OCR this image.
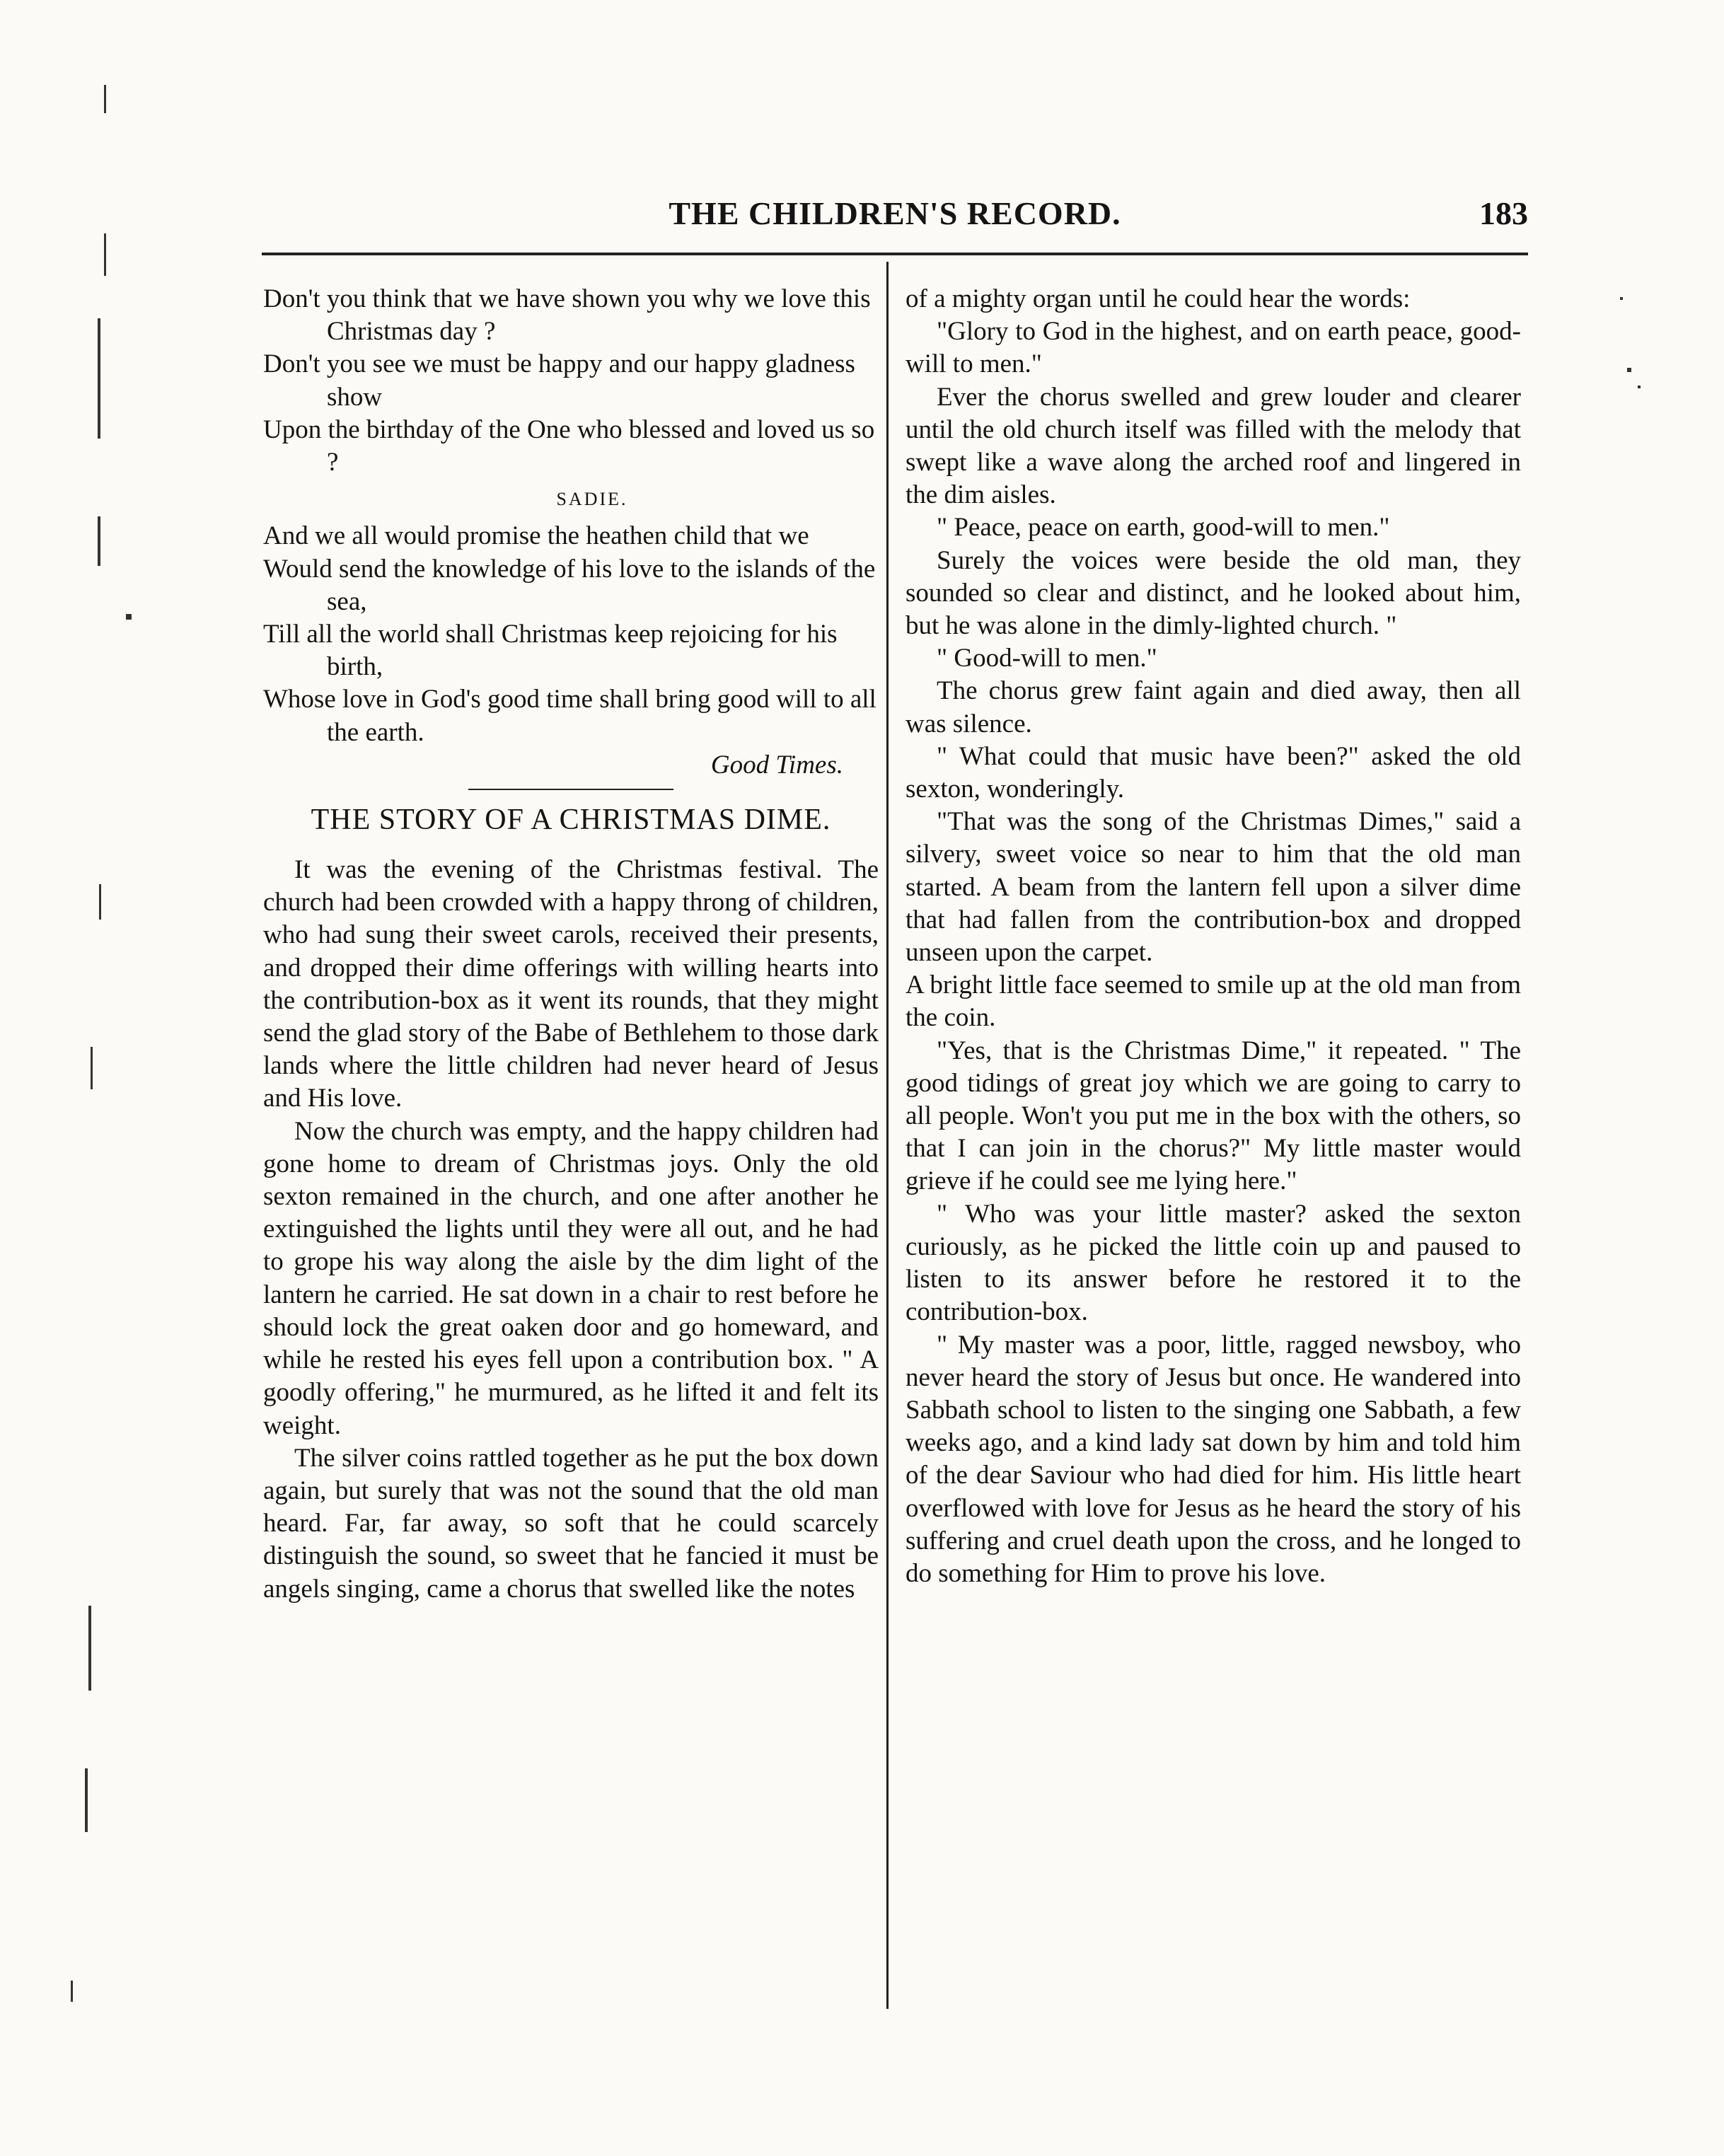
THE CHILDREN'S RECORD.	183

Don't you think that we have shown you why we love this Christmas day ?

Don't you see we must be happy and our happy gladness show

Upon the birthday of the One who blessed and loved us so ?

SADIE.

And we all would promise the heathen child that we

Would send the knowledge of his love to the islands of the sea,

Till all the world shall Christmas keep rejoicing for his birth,

Whose love in God's good time shall bring good will to all the earth.

Good Times.
THE STORY OF A CHRISTMAS DIME.

It was the evening of the Christmas festival. The church had been crowded with a happy throng of children, who had sung their sweet carols, received their presents, and dropped their dime offerings with willing hearts into the contribution-box as it went its rounds, that they might send the glad story of the Babe of Bethlehem to those dark lands where the little children had never heard of Jesus and His love.

Now the church was empty, and the happy children had gone home to dream of Christmas joys. Only the old sexton remained in the church, and one after another he extinguished the lights until they were all out, and he had to grope his way along the aisle by the dim light of the lantern he carried. He sat down in a chair to rest before he should lock the great oaken door and go homeward, and while he rested his eyes fell upon a contribution box. " A goodly offering," he murmured, as he lifted it and felt its weight.

The silver coins rattled together as he put the box down again, but surely that was not the sound that the old man heard. Far, far away, so soft that he could scarcely distinguish the sound, so sweet that he fancied it must be angels singing, came a chorus that swelled like the notes

of a mighty organ until he could hear the words:

"Glory to God in the highest, and on earth peace, good-will to men."

Ever the chorus swelled and grew louder and clearer until the old church itself was filled with the melody that swept like a wave along the arched roof and lingered in the dim aisles.

" Peace, peace on earth, good-will to men."

Surely the voices were beside the old man, they sounded so clear and distinct, and he looked about him, but he was alone in the dimly-lighted church. "

" Good-will to men."

The chorus grew faint again and died away, then all was silence.

" What could that music have been?" asked the old sexton, wonderingly.

"That was the song of the Christmas Dimes," said a silvery, sweet voice so near to him that the old man started. A beam from the lantern fell upon a silver dime that had fallen from the contribution-box and dropped unseen upon the carpet.

A bright little face seemed to smile up at the old man from the coin.

"Yes, that is the Christmas Dime," it repeated. " The good tidings of great joy which we are going to carry to all people. Won't you put me in the box with the others, so that I can join in the chorus?" My little master would grieve if he could see me lying here."

" Who was your little master? asked the sexton curiously, as he picked the little coin up and paused to listen to its answer before he restored it to the contribution-box.

" My master was a poor, little, ragged newsboy, who never heard the story of Jesus but once. He wandered into Sabbath school to listen to the singing one Sabbath, a few weeks ago, and a kind lady sat down by him and told him of the dear Saviour who had died for him. His little heart overflowed with love for Jesus as he heard the story of his suffering and cruel death upon the cross, and he longed to do something for Him to prove his love.
